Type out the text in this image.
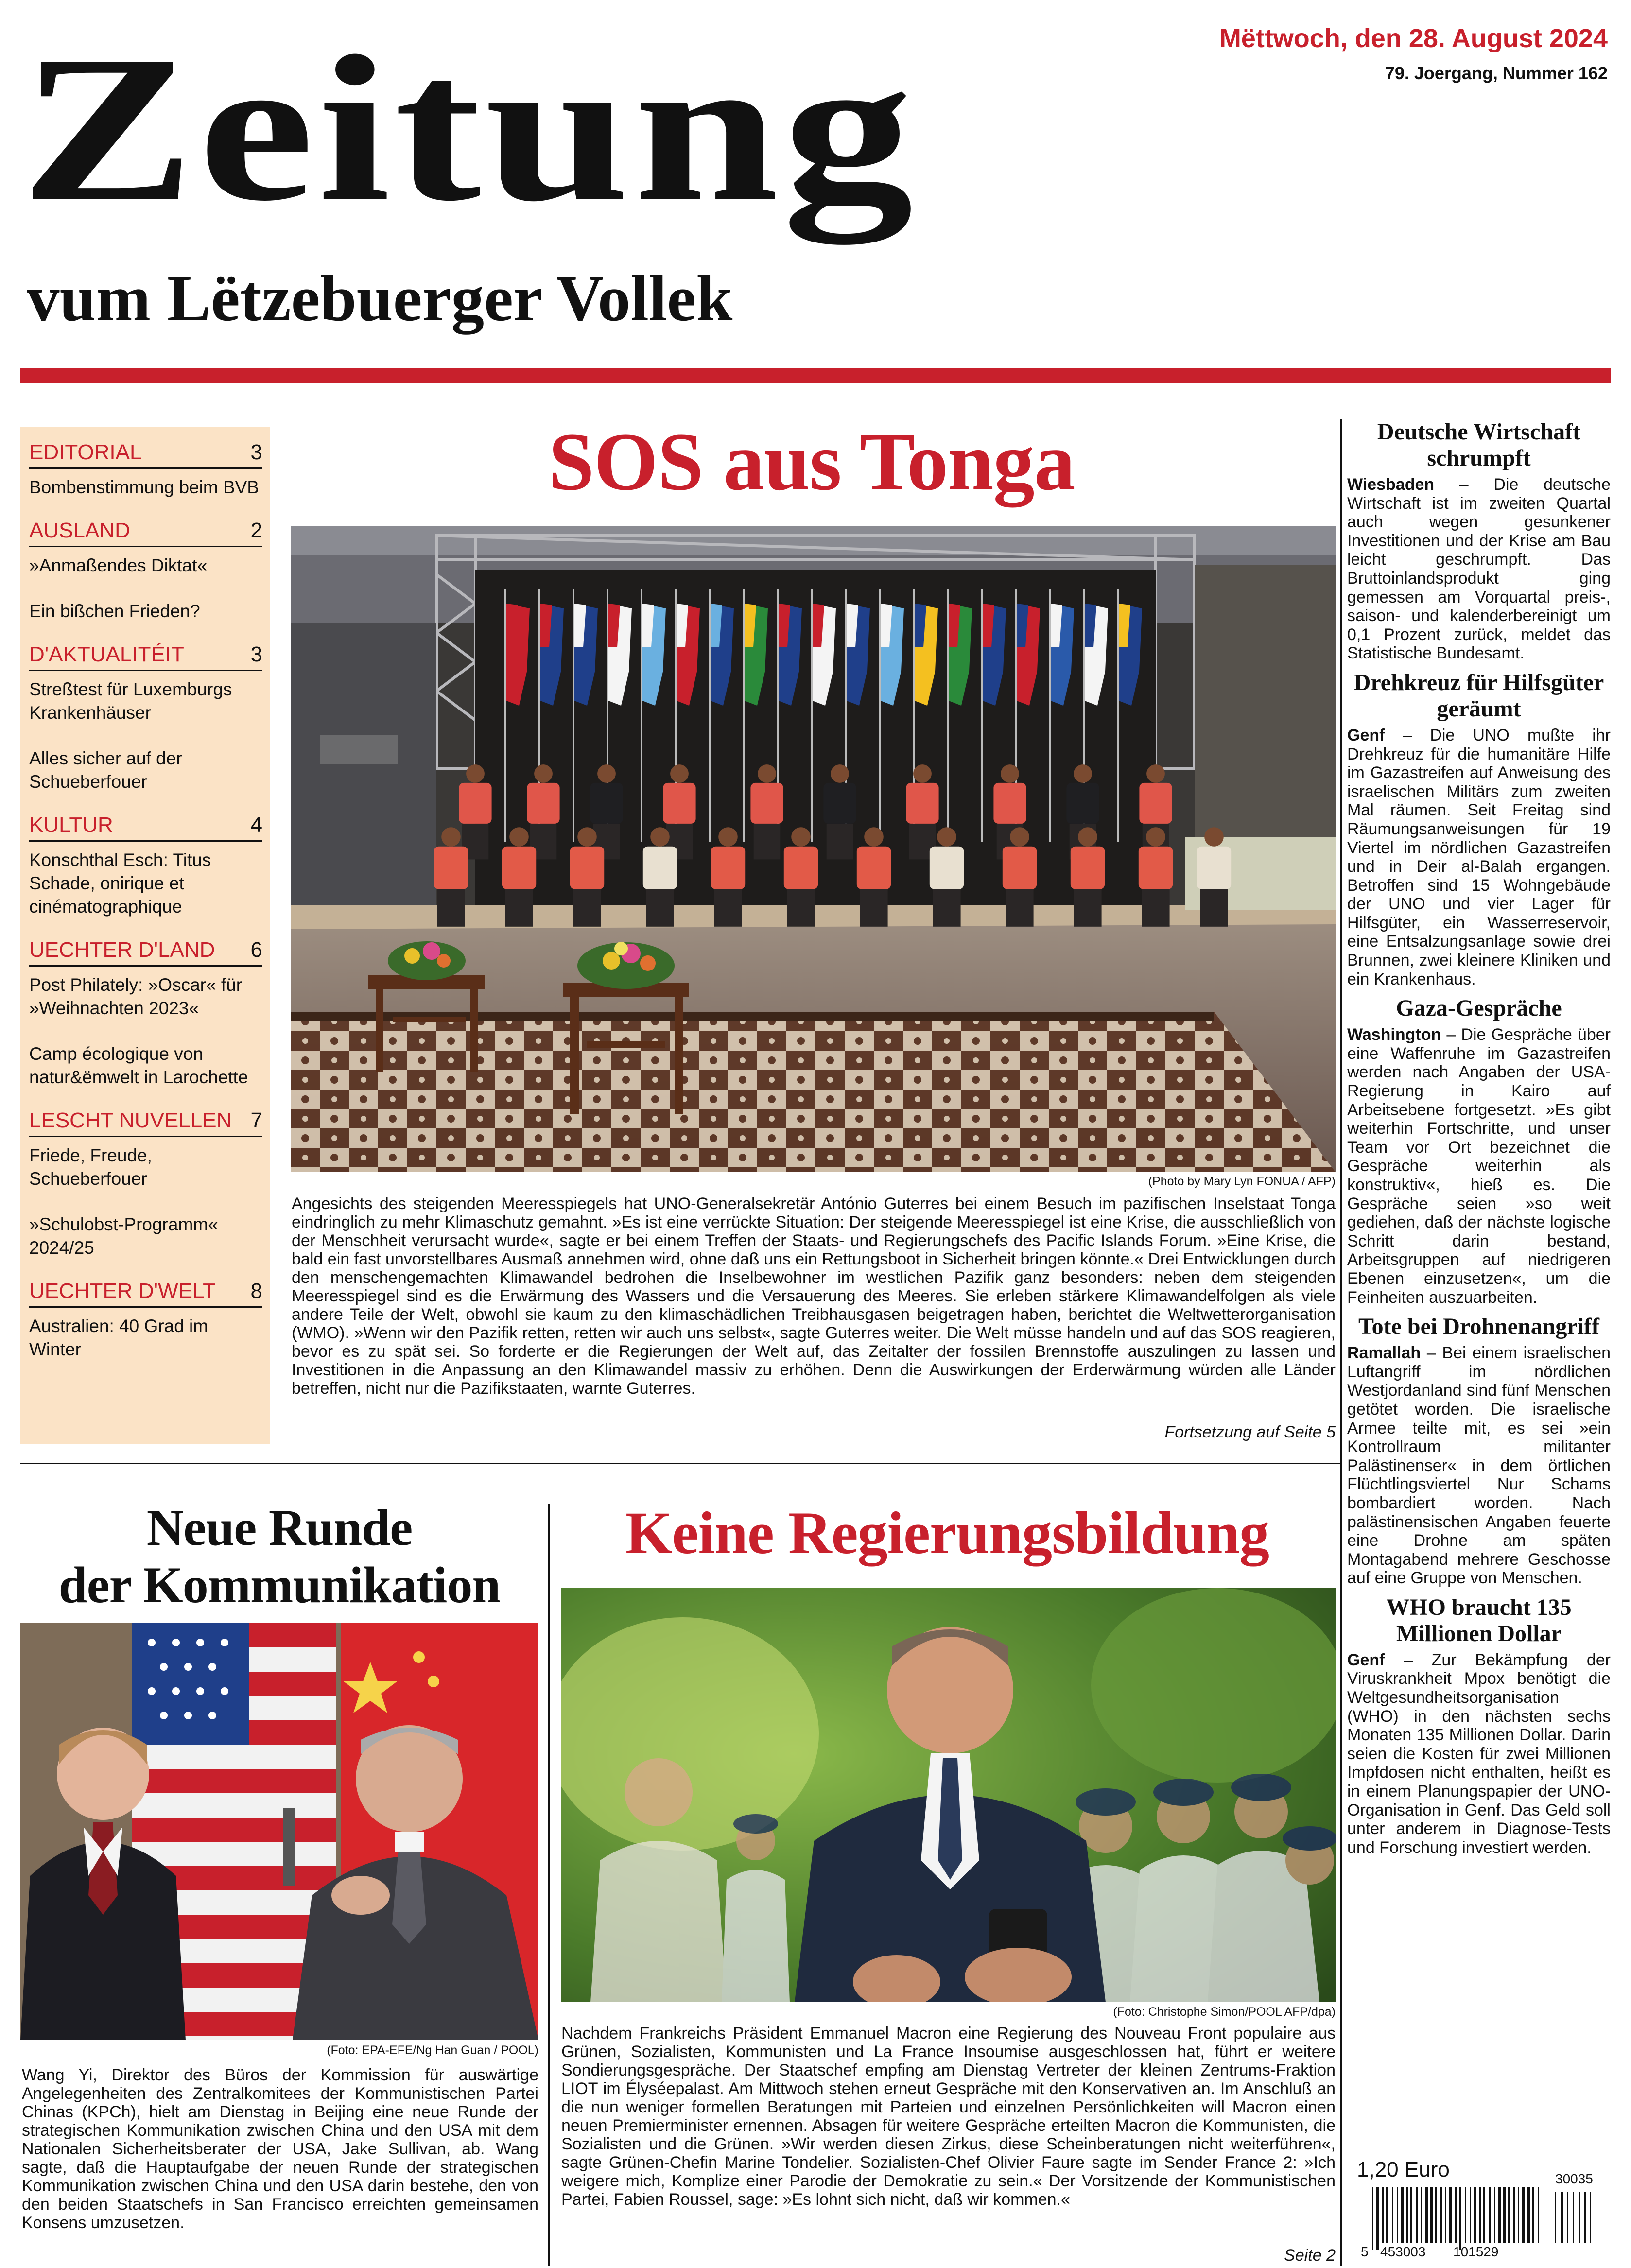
Zeitung
vum Lëtzebuerger Vollek
Mëttwoch, den 28. August 2024
79. Joergang, Nummer 162
EDITORIAL	3
Bombenstimmung beim BVB
AUSLAND	2
»Anmaßendes Diktat«
Ein bißchen Frieden?
D'AKTUALITÉIT	3
Streßtest für Luxemburgs Krankenhäuser
Alles sicher auf der Schueberfouer
KULTUR	4
Konschthal Esch: Titus Schade, onirique et cinématographique
UECHTER D'LAND 6
Post Philately: »Oscar« für »Weihnachten 2023«
Camp écologique von natur&ëmwelt in Larochette
LESCHT NUVELLEN 7
Friede, Freude, Schueberfouer
»Schulobst-Programm« 2024/25
UECHTER D'WELT 8
Australien: 40 Grad im Winter
SOS aus Tonga
(Photo by Mary Lyn FONUA / AFP)
Angesichts des steigenden Meeresspiegels hat UNO-Generalsekretär António Guterres bei einem Besuch im pazifischen Inselstaat Tonga eindringlich zu mehr Klimaschutz gemahnt. »Es ist eine verrückte Situation: Der steigende Meeresspiegel ist eine Krise, die ausschließlich von der Menschheit verursacht wurde«, sagte er bei einem Treffen der Staats- und Regierungschefs des Pacific Islands Forum. »Eine Krise, die bald ein fast unvorstellbares Ausmaß annehmen wird, ohne daß uns ein Rettungsboot in Sicherheit bringen könnte.« Drei Entwicklungen durch den menschengemachten Klimawandel bedrohen die Inselbewohner im westlichen Pazifik ganz besonders: neben dem steigenden Meeresspiegel sind es die Erwärmung des Wassers und die Versauerung des Meeres. Sie erleben stärkere Klimawandelfolgen als viele andere Teile der Welt, obwohl sie kaum zu den klimaschädlichen Treibhausgasen beigetragen haben, berichtet die Weltwetterorganisation (WMO). »Wenn wir den Pazifik retten, retten wir auch uns selbst«, sagte Guterres weiter. Die Welt müsse handeln und auf das SOS reagieren, bevor es zu spät sei. So forderte er die Regierungen der Welt auf, das Zeitalter der fossilen Brennstoffe auszulingen zu lassen und Investitionen in die Anpassung an den Klimawandel massiv zu erhöhen. Denn die Auswirkungen der Erderwärmung würden alle Länder betreffen, nicht nur die Pazifikstaaten, warnte Guterres.
Fortsetzung auf Seite 5
Neue Runde
der Kommunikation
(Foto: EPA-EFE/Ng Han Guan / POOL)
Wang Yi, Direktor des Büros der Kommission für auswärtige Angelegenheiten des Zentralkomitees der Kommunistischen Partei Chinas (KPCh), hielt am Dienstag in Beijing eine neue Runde der strategischen Kommunikation zwischen China und den USA mit dem Nationalen Sicherheitsberater der USA, Jake Sullivan, ab. Wang sagte, daß die Hauptaufgabe der neuen Runde der strategischen Kommunikation zwischen China und den USA darin bestehe, den von den beiden Staatschefs in San Francisco erreichten gemeinsamen Konsens umzusetzen.
Keine Regierungsbildung
(Foto: Christophe Simon/POOL AFP/dpa)
Nachdem Frankreichs Präsident Emmanuel Macron eine Regierung des Nouveau Front populaire aus Grünen, Sozialisten, Kommunisten und La France Insoumise ausgeschlossen hat, führt er weitere Sondierungsgespräche. Der Staatschef empfing am Dienstag Vertreter der kleinen Zentrums-Fraktion LIOT im Élyséepalast. Am Mittwoch stehen erneut Gespräche mit den Konservativen an. Im Anschluß an die nun weniger formellen Beratungen mit Parteien und einzelnen Persönlichkeiten will Macron einen neuen Premierminister ernennen. Absagen für weitere Gespräche erteilten Macron die Kommunisten, die Sozialisten und die Grünen. »Wir werden diesen Zirkus, diese Scheinberatungen nicht weiterführen«, sagte Grünen-Chefin Marine Tondelier. Sozialisten-Chef Olivier Faure sagte im Sender France 2: »Ich weigere mich, Komplize einer Parodie der Demokratie zu sein.« Der Vorsitzende der Kommunistischen Partei, Fabien Roussel, sage: »Es lohnt sich nicht, daß wir kommen.«
Seite 2
Deutsche Wirtschaft schrumpft
Wiesbaden – Die deutsche Wirtschaft ist im zweiten Quartal auch wegen gesunkener Investitionen und der Krise am Bau leicht geschrumpft. Das Bruttoinlandsprodukt ging gemessen am Vorquartal preis-, saison- und kalenderbereinigt um 0,1 Prozent zurück, meldet das Statistische Bundesamt.
Drehkreuz für Hilfsgüter geräumt
Genf – Die UNO mußte ihr Drehkreuz für die humanitäre Hilfe im Gazastreifen auf Anweisung des israelischen Militärs zum zweiten Mal räumen. Seit Freitag sind Räumungsanweisungen für 19 Viertel im nördlichen Gazastreifen und in Deir al-Balah ergangen. Betroffen sind 15 Wohngebäude der UNO und vier Lager für Hilfsgüter, ein Wasserreservoir, eine Entsalzungsanlage sowie drei Brunnen, zwei kleinere Kliniken und ein Krankenhaus.
Gaza-Gespräche
Washington – Die Gespräche über eine Waffenruhe im Gazastreifen werden nach Angaben der USA-Regierung in Kairo auf Arbeitsebene fortgesetzt. »Es gibt weiterhin Fortschritte, und unser Team vor Ort bezeichnet die Gespräche weiterhin als konstruktiv«, hieß es. Die Gespräche seien »so weit gediehen, daß der nächste logische Schritt darin bestand, Arbeitsgruppen auf niedrigeren Ebenen einzusetzen«, um die Feinheiten auszuarbeiten.
Tote bei Drohnenangriff
Ramallah – Bei einem israelischen Luftangriff im nördlichen Westjordanland sind fünf Menschen getötet worden. Die israelische Armee teilte mit, es sei »ein Kontrollraum militanter Palästinenser« in dem örtlichen Flüchtlingsviertel Nur Schams bombardiert worden. Nach palästinensischen Angaben feuerte eine Drohne am späten Montagabend mehrere Geschosse auf eine Gruppe von Menschen.
WHO braucht 135 Millionen Dollar
Genf – Zur Bekämpfung der Viruskrankheit Mpox benötigt die Weltgesundheitsorganisation (WHO) in den nächsten sechs Monaten 135 Millionen Dollar. Darin seien die Kosten für zwei Millionen Impfdosen nicht enthalten, heißt es in einem Planungspapier der UNO-Organisation in Genf. Das Geld soll unter anderem in Diagnose-Tests und Forschung investiert werden.
1,20 Euro
5 453003 101529
30035
